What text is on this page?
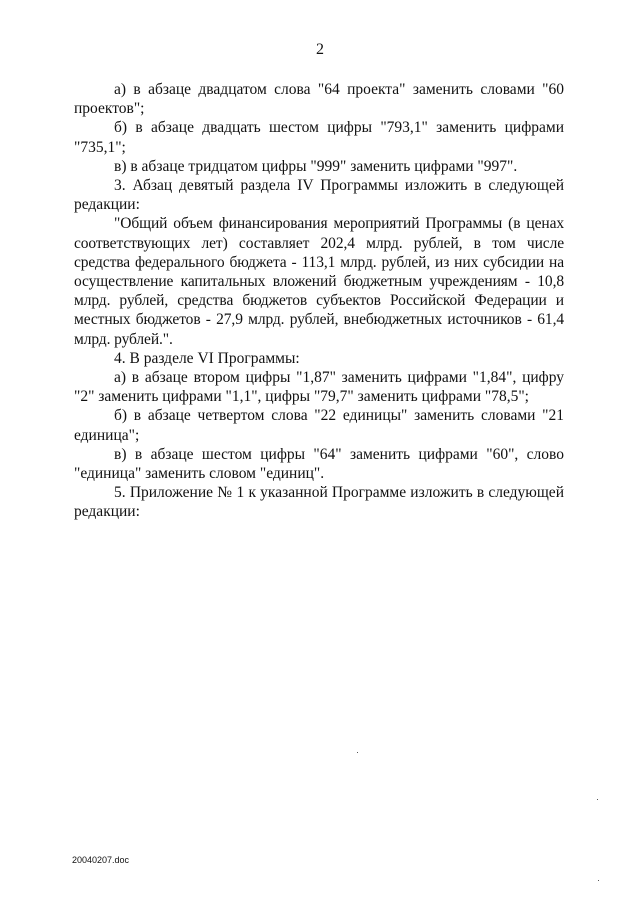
2

а) в абзаце двадцатом слова "64 проекта" заменить словами "60 проектов";

б) в абзаце двадцать шестом цифры "793,1" заменить цифрами "735,1";

в) в абзаце тридцатом цифры "999" заменить цифрами "997".

3. Абзац девятый раздела IV Программы изложить в следующей редакции:

"Общий объем финансирования мероприятий Программы (в ценах соответствующих лет) составляет 202,4 млрд. рублей, в том числе средства федерального бюджета - 113,1 млрд. рублей, из них субсидии на осуществление капитальных вложений бюджетным учреждениям - 10,8 млрд. рублей, средства бюджетов субъектов Российской Федерации и местных бюджетов - 27,9 млрд. рублей, внебюджетных источников - 61,4 млрд. рублей.".

4. В разделе VI Программы:

а) в абзаце втором цифры "1,87" заменить цифрами "1,84", цифру "2" заменить цифрами "1,1", цифры "79,7" заменить цифрами "78,5";

б) в абзаце четвертом слова "22 единицы" заменить словами "21 единица";

в) в абзаце шестом цифры "64" заменить цифрами "60", слово "единица" заменить словом "единиц".

5. Приложение № 1 к указанной Программе изложить в следующей редакции:

20040207.doc
